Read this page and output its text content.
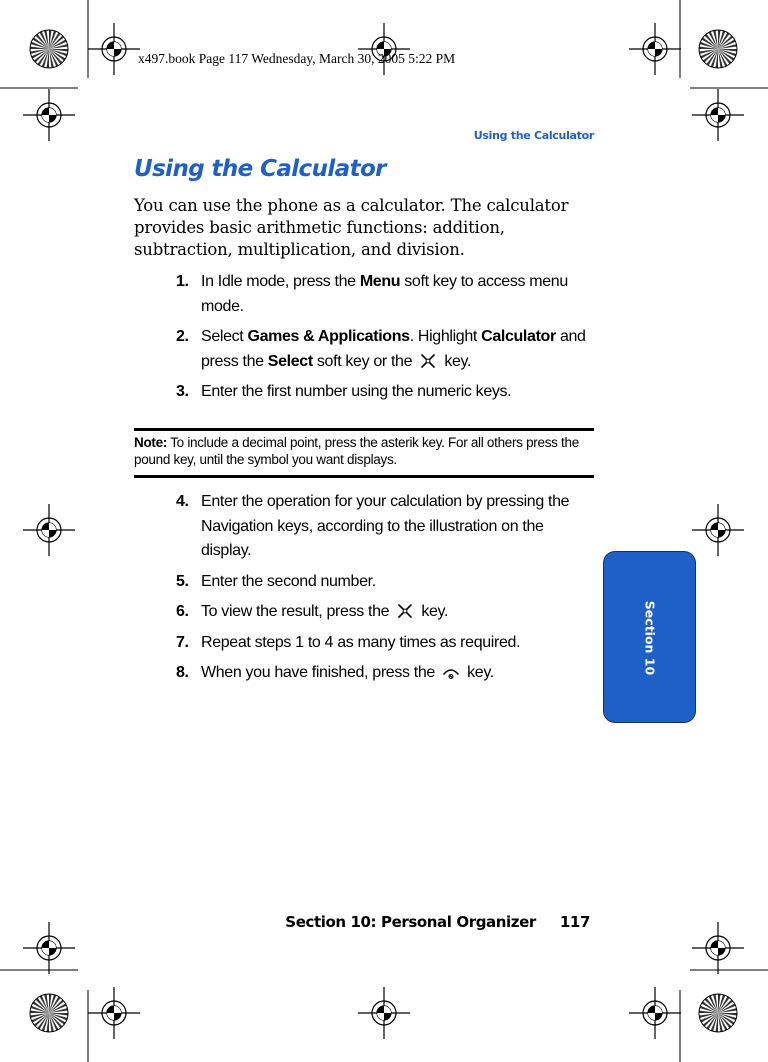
x497.book Page 117 Wednesday, March 30, 2005 5:22 PM
Using the Calculator
Using the Calculator

You can use the phone as a calculator. The calculator provides basic arithmetic functions: addition, subtraction, multiplication, and division.

1. In Idle mode, press the Menu soft key to access menu mode.
2. Select Games & Applications. Highlight Calculator and press the Select soft key or the  key.
3. Enter the first number using the numeric keys.
Note: To include a decimal point, press the asterik key. For all others press the pound key, until the symbol you want displays.
4. Enter the operation for your calculation by pressing the Navigation keys, according to the illustration on the display.
5. Enter the second number.
6. To view the result, press the  key.
7. Repeat steps 1 to 4 as many times as required.
8. When you have finished, press the  key.	Section 10
Section 10: Personal Organizer 117
